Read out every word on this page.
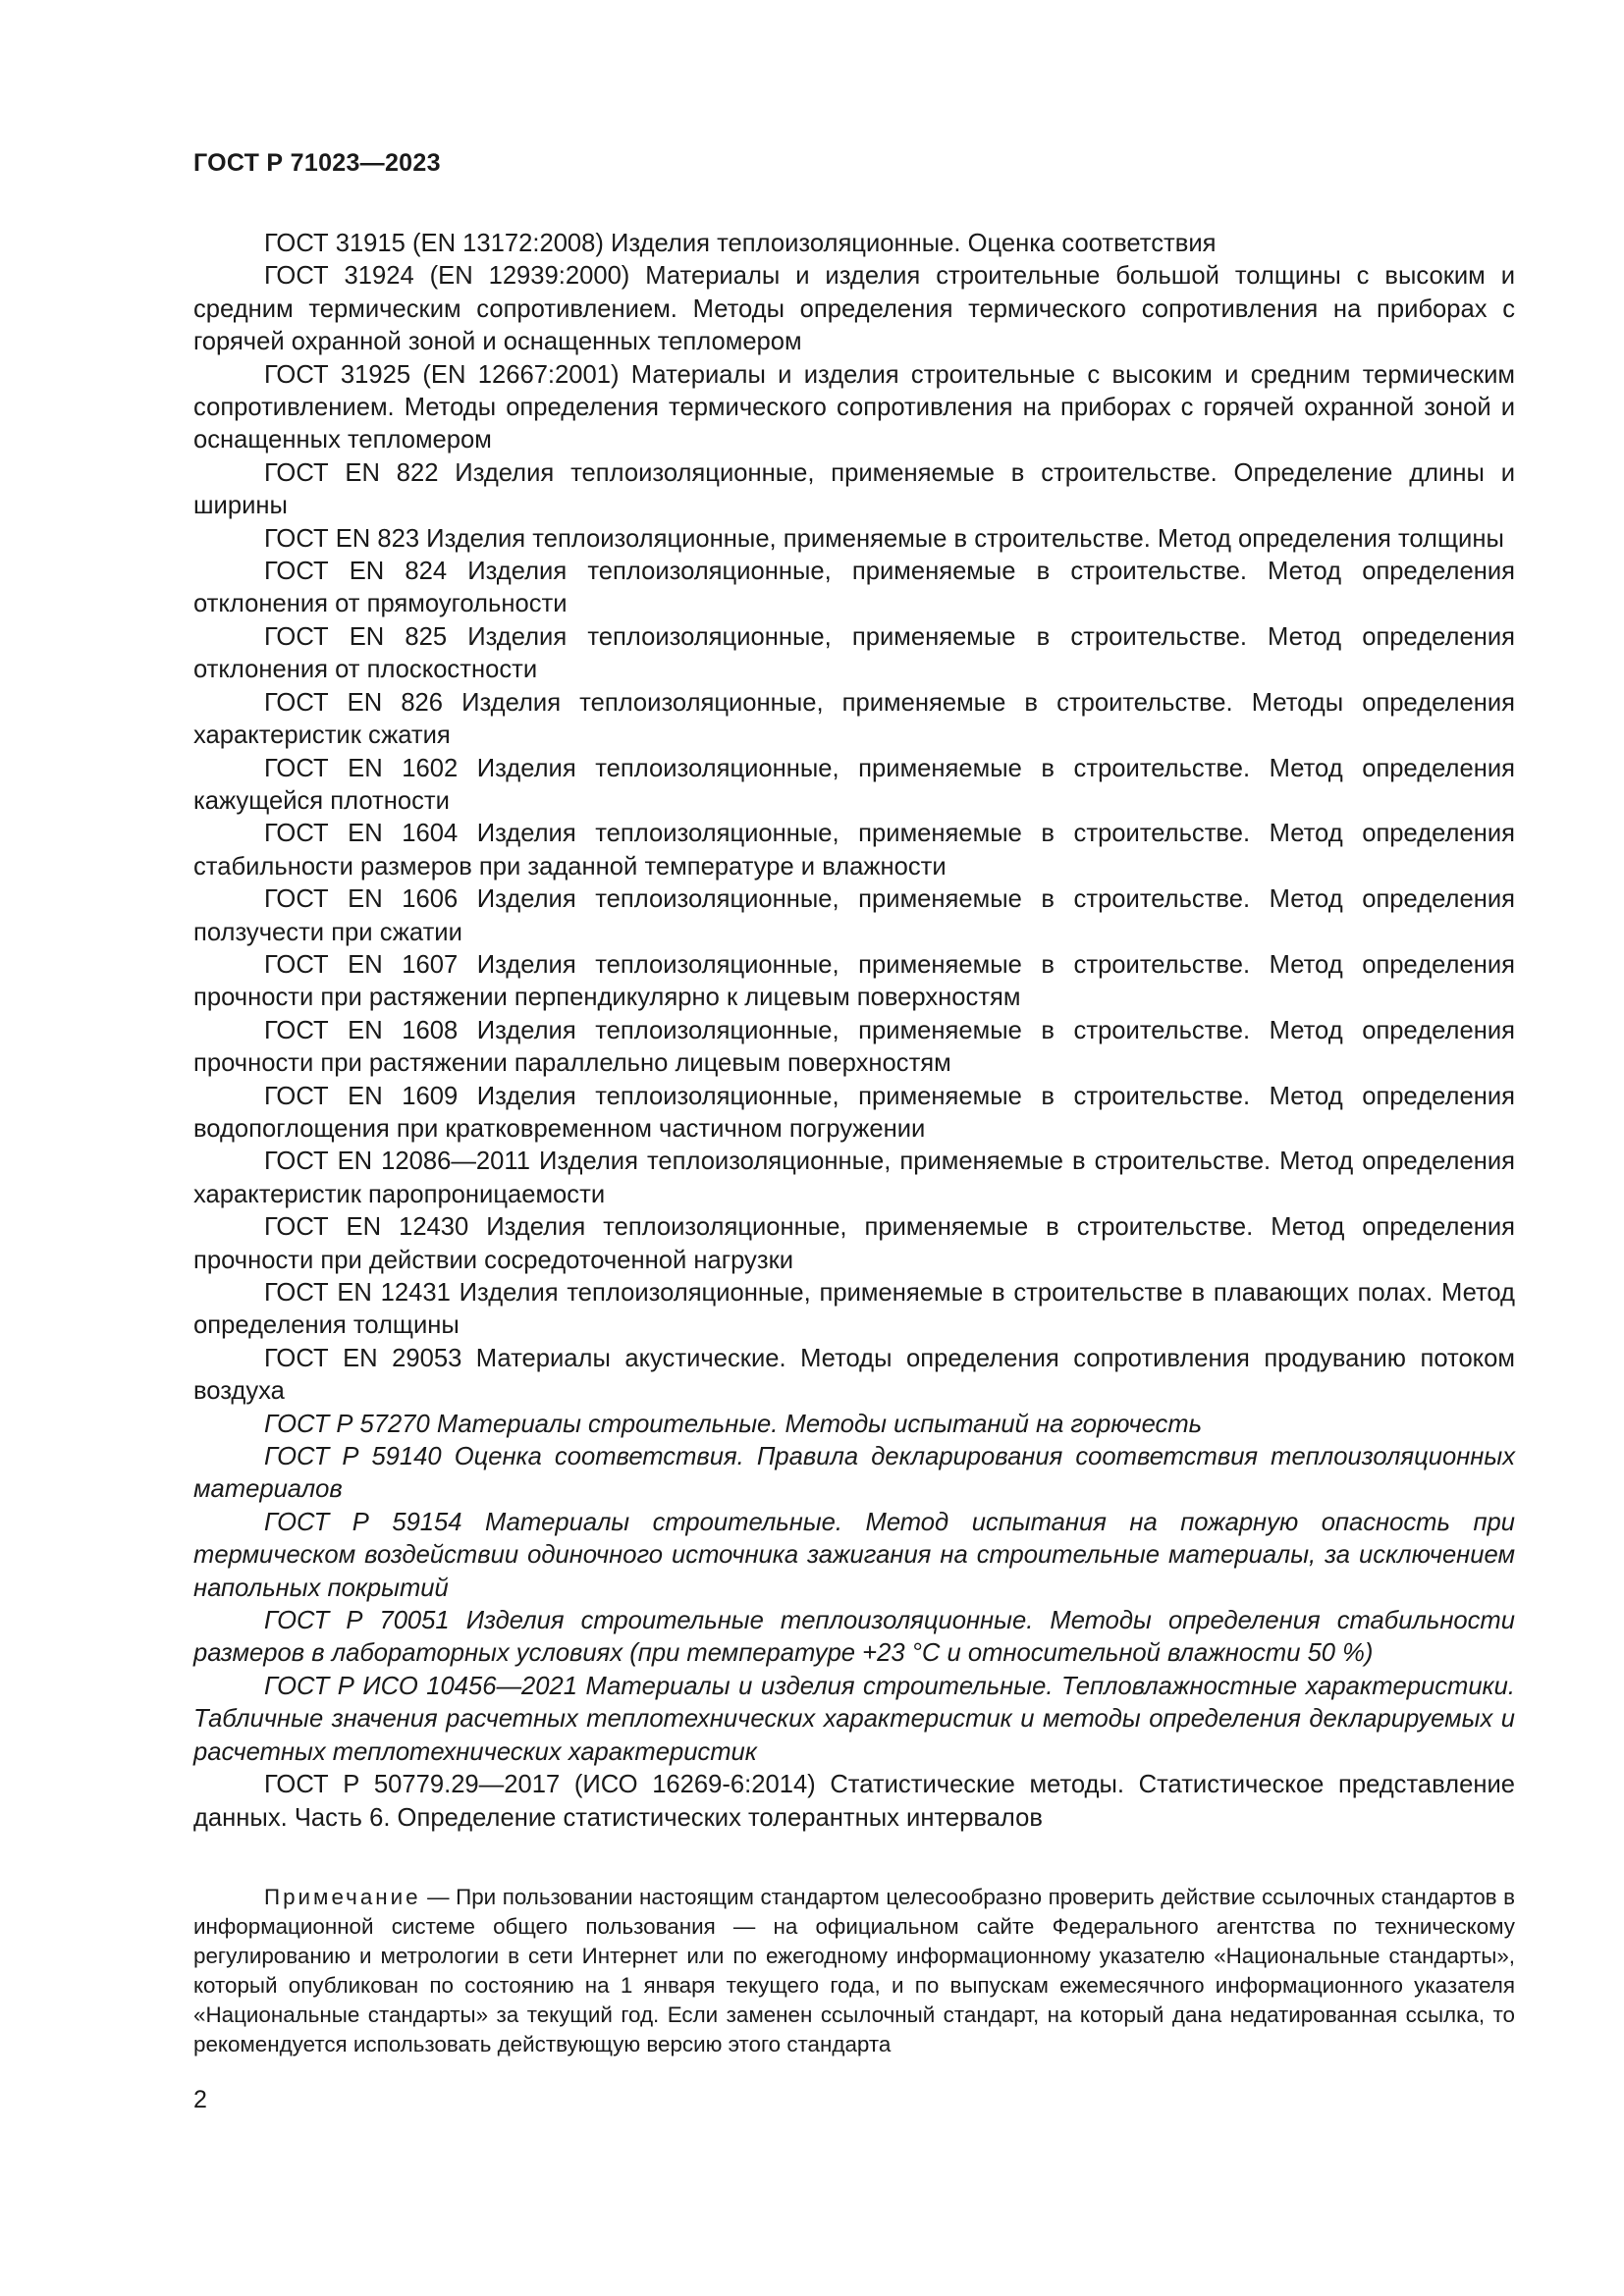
ГОСТ Р 71023—2023

ГОСТ 31915 (EN 13172:2008) Изделия теплоизоляционные. Оценка соответствия

ГОСТ 31924 (EN 12939:2000) Материалы и изделия строительные большой толщины с высоким и средним термическим сопротивлением. Методы определения термического сопротивления на приборах с горячей охранной зоной и оснащенных тепломером

ГОСТ 31925 (EN 12667:2001) Материалы и изделия строительные с высоким и средним термическим сопротивлением. Методы определения термического сопротивления на приборах с горячей охранной зоной и оснащенных тепломером

ГОСТ EN 822 Изделия теплоизоляционные, применяемые в строительстве. Определение длины и ширины

ГОСТ EN 823 Изделия теплоизоляционные, применяемые в строительстве. Метод определения толщины

ГОСТ EN 824 Изделия теплоизоляционные, применяемые в строительстве. Метод определения отклонения от прямоугольности

ГОСТ EN 825 Изделия теплоизоляционные, применяемые в строительстве. Метод определения отклонения от плоскостности

ГОСТ EN 826 Изделия теплоизоляционные, применяемые в строительстве. Методы определения характеристик сжатия

ГОСТ EN 1602 Изделия теплоизоляционные, применяемые в строительстве. Метод определения кажущейся плотности

ГОСТ EN 1604 Изделия теплоизоляционные, применяемые в строительстве. Метод определения стабильности размеров при заданной температуре и влажности

ГОСТ EN 1606 Изделия теплоизоляционные, применяемые в строительстве. Метод определения ползучести при сжатии

ГОСТ EN 1607 Изделия теплоизоляционные, применяемые в строительстве. Метод определения прочности при растяжении перпендикулярно к лицевым поверхностям

ГОСТ EN 1608 Изделия теплоизоляционные, применяемые в строительстве. Метод определения прочности при растяжении параллельно лицевым поверхностям

ГОСТ EN 1609 Изделия теплоизоляционные, применяемые в строительстве. Метод определения водопоглощения при кратковременном частичном погружении

ГОСТ EN 12086—2011 Изделия теплоизоляционные, применяемые в строительстве. Метод определения характеристик паропроницаемости

ГОСТ EN 12430 Изделия теплоизоляционные, применяемые в строительстве. Метод определения прочности при действии сосредоточенной нагрузки

ГОСТ EN 12431 Изделия теплоизоляционные, применяемые в строительстве в плавающих полах. Метод определения толщины

ГОСТ EN 29053 Материалы акустические. Методы определения сопротивления продуванию потоком воздуха

ГОСТ Р 57270 Материалы строительные. Методы испытаний на горючесть

ГОСТ Р 59140 Оценка соответствия. Правила декларирования соответствия теплоизоляционных материалов

ГОСТ Р 59154 Материалы строительные. Метод испытания на пожарную опасность при термическом воздействии одиночного источника зажигания на строительные материалы, за исключением напольных покрытий

ГОСТ Р 70051 Изделия строительные теплоизоляционные. Методы определения стабильности размеров в лабораторных условиях (при температуре +23 °С и относительной влажности 50 %)

ГОСТ Р ИСО 10456—2021 Материалы и изделия строительные. Тепловлажностные характеристики. Табличные значения расчетных теплотехнических характеристик и методы определения декларируемых и расчетных теплотехнических характеристик

ГОСТ Р 50779.29—2017 (ИСО 16269-6:2014) Статистические методы. Статистическое представление данных. Часть 6. Определение статистических толерантных интервалов

Примечание — При пользовании настоящим стандартом целесообразно проверить действие ссылочных стандартов в информационной системе общего пользования — на официальном сайте Федерального агентства по техническому регулированию и метрологии в сети Интернет или по ежегодному информационному указателю «Национальные стандарты», который опубликован по состоянию на 1 января текущего года, и по выпускам ежемесячного информационного указателя «Национальные стандарты» за текущий год. Если заменен ссылочный стандарт, на который дана недатированная ссылка, то рекомендуется использовать действующую версию этого стандарта

2
